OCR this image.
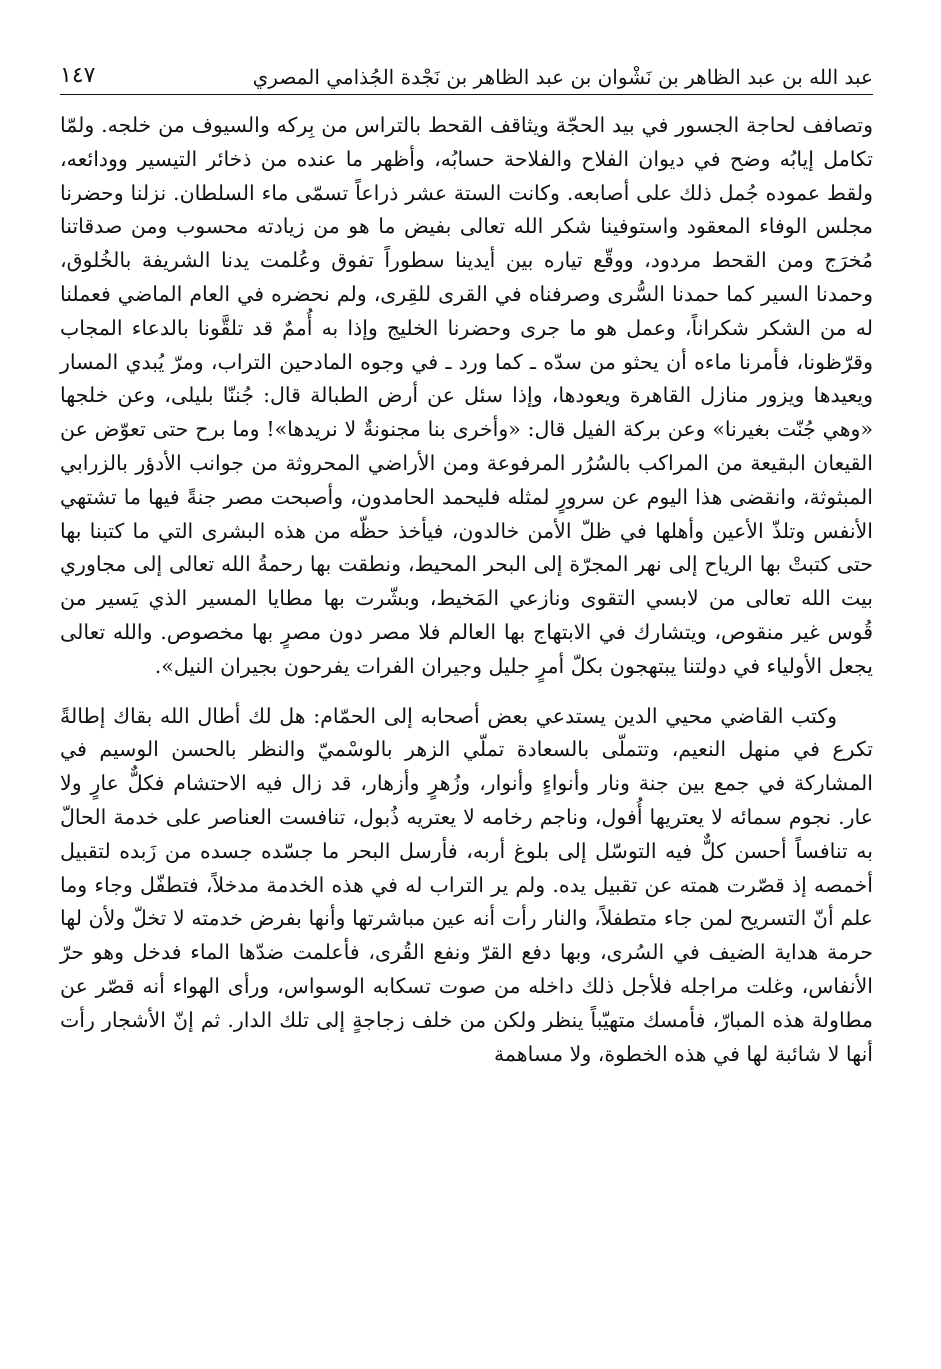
عبد الله بن عبد الظاهر بن نَشْوان بن عبد الظاهر بن نَجْدة الجُذامي المصري
١٤٧

وتصافف لحاجة الجسور في بيد الحجّة ويثاقف القحط بالتراس من بِركه والسيوف من خلجه. ولمّا تكامل إيابُه وضح في ديوان الفلاح والفلاحة حسابُه، وأظهر ما عنده من ذخائر التيسير وودائعه، ولقط عموده جُمل ذلك على أصابعه. وكانت الستة عشر ذراعاً تسمّى ماء السلطان. نزلنا وحضرنا مجلس الوفاء المعقود واستوفينا شكر الله تعالى بفيض ما هو من زيادته محسوب ومن صدقاتنا مُخرَج ومن القحط مردود، ووقّع تياره بين أيدينا سطوراً تفوق وعُلمت يدنا الشريفة بالخُلوق، وحمدنا السير كما حمدنا السُّرى وصرفناه في القرى للقِرى، ولم نحضره في العام الماضي فعملنا له من الشكر شكراناً، وعمل هو ما جرى وحضرنا الخليج وإذا به أُممٌ قد تلقَّونا بالدعاء المجاب وقرّظونا، فأمرنا ماءه أن يحثو من سدّه ـ كما ورد ـ في وجوه المادحين التراب، ومرّ يُبدي المسار ويعيدها ويزور منازل القاهرة ويعودها، وإذا سئل عن أرض الطبالة قال: جُننّا بليلى، وعن خلجها «وهي جُنّت بغيرنا» وعن بركة الفيل قال: «وأخرى بنا مجنونةٌ لا نريدها»! وما برح حتى تعوّض عن القيعان البقيعة من المراكب بالسُرُر المرفوعة ومن الأراضي المحروثة من جوانب الأدؤر بالزرابي المبثوثة، وانقضى هذا اليوم عن سرورٍ لمثله فليحمد الحامدون، وأصبحت مصر جنةً فيها ما تشتهي الأنفس وتلذّ الأعين وأهلها في ظلّ الأمن خالدون، فيأخذ حظّه من هذه البشرى التي ما كتبنا بها حتى كتبتْ بها الرياح إلى نهر المجرّة إلى البحر المحيط، ونطقت بها رحمةُ الله تعالى إلى مجاوري بيت الله تعالى من لابسي التقوى ونازعي المَخيط، وبشّرت بها مطايا المسير الذي يَسير من قُوس غير منقوص، ويتشارك في الابتهاج بها العالم فلا مصر دون مصرٍ بها مخصوص. والله تعالى يجعل الأولياء في دولتنا يبتهجون بكلّ أمرٍ جليل وجيران الفرات يفرحون بجيران النيل».

وكتب القاضي محيي الدين يستدعي بعض أصحابه إلى الحمّام: هل لك أطال الله بقاك إطالةً تكرع في منهل النعيم، وتتملّى بالسعادة تملّي الزهر بالوسْميّ والنظر بالحسن الوسيم في المشاركة في جمع بين جنة ونار وأنواءٍ وأنوار، وزُهرٍ وأزهار، قد زال فيه الاحتشام فكلٌّ عارٍ ولا عار. نجوم سمائه لا يعتريها أُفول، وناجم رخامه لا يعتريه ذُبول، تنافست العناصر على خدمة الحالّ به تنافساً أحسن كلٌّ فيه التوسّل إلى بلوغ أربه، فأرسل البحر ما جسّده جسده من زَبده لتقبيل أخمصه إذ قصّرت همته عن تقبيل يده. ولم ير التراب له في هذه الخدمة مدخلاً، فتطفّل وجاء وما علم أنّ التسريح لمن جاء متطفلاً، والنار رأت أنه عين مباشرتها وأنها بفرض خدمته لا تخلّ ولأن لها حرمة هداية الضيف في السُرى، وبها دفع القرّ ونفع القُرى، فأعلمت ضدّها الماء فدخل وهو حرّ الأنفاس، وغلت مراجله فلأجل ذلك داخله من صوت تسكابه الوسواس، ورأى الهواء أنه قصّر عن مطاولة هذه المبارّ، فأمسك متهيّباً ينظر ولكن من خلف زجاجةٍ إلى تلك الدار. ثم إنّ الأشجار رأت أنها لا شائبة لها في هذه الخطوة، ولا مساهمة
